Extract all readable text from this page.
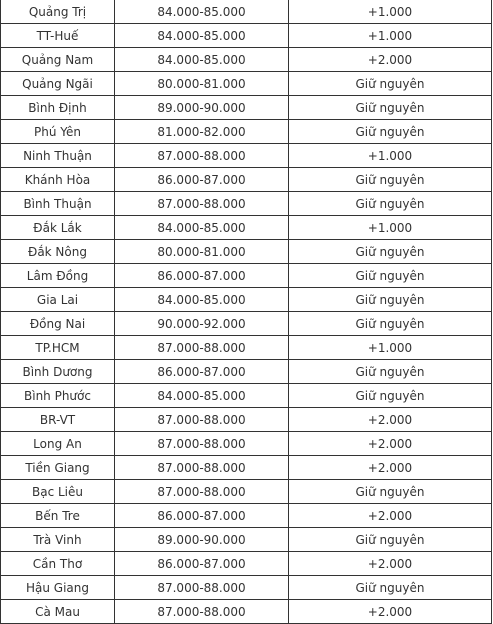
Quảng Trị	84.000-85.000	+1.000
TT-Huế	84.000-85.000	+1.000
Quảng Nam	84.000-85.000	+2.000
Quảng Ngãi	80.000-81.000	Giữ nguyên
Bình Định	89.000-90.000	Giữ nguyên
Phú Yên	81.000-82.000	Giữ nguyên
Ninh Thuận	87.000-88.000	+1.000
Khánh Hòa	86.000-87.000	Giữ nguyên
Bình Thuận	87.000-88.000	Giữ nguyên
Đắk Lắk	84.000-85.000	+1.000
Đắk Nông	80.000-81.000	Giữ nguyên
Lâm Đồng	86.000-87.000	Giữ nguyên
Gia Lai	84.000-85.000	Giữ nguyên
Đồng Nai	90.000-92.000	Giữ nguyên
TP.HCM	87.000-88.000	+1.000
Bình Dương	86.000-87.000	Giữ nguyên
Bình Phước	84.000-85.000	Giữ nguyên
BR-VT	87.000-88.000	+2.000
Long An	87.000-88.000	+2.000
Tiền Giang	87.000-88.000	+2.000
Bạc Liêu	87.000-88.000	Giữ nguyên
Bến Tre	86.000-87.000	+2.000
Trà Vinh	89.000-90.000	Giữ nguyên
Cần Thơ	86.000-87.000	+2.000
Hậu Giang	87.000-88.000	Giữ nguyên
Cà Mau	87.000-88.000	+2.000
